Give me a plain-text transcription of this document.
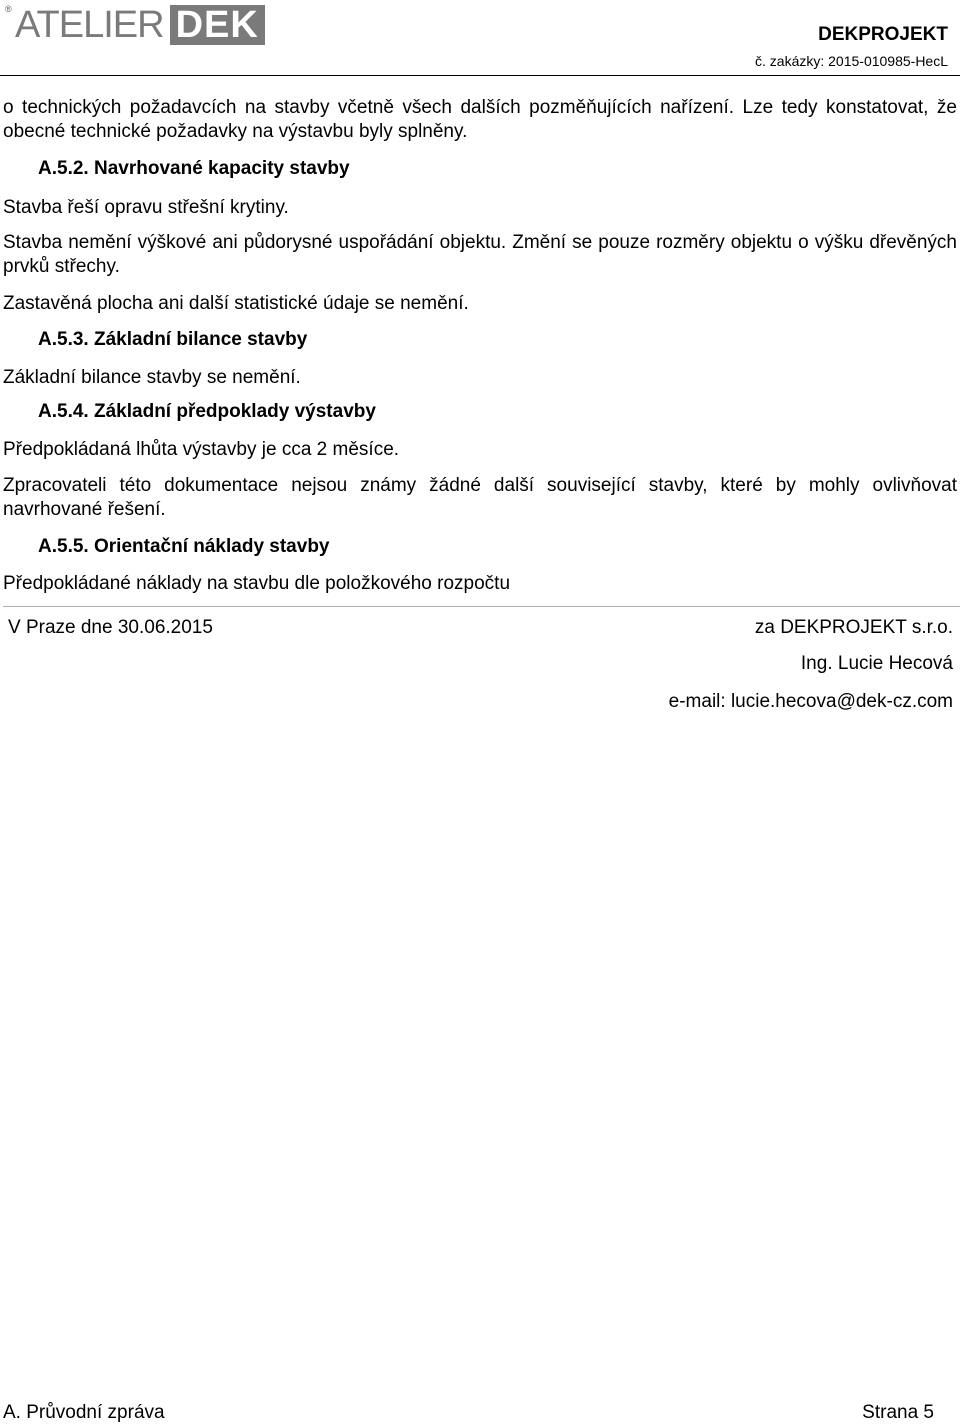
ATELIER DEK
®
DEKPROJEKT
č. zakázky: 2015-010985-HecL
o technických požadavcích na stavby včetně všech dalších pozměňujících nařízení. Lze tedy konstatovat, že obecné technické požadavky na výstavbu byly splněny.
A.5.2. Navrhované kapacity stavby
Stavba řeší opravu střešní krytiny.
Stavba nemění výškové ani půdorysné uspořádání objektu. Změní se pouze rozměry objektu o výšku dřevěných prvků střechy.
Zastavěná plocha ani další statistické údaje se nemění.
A.5.3. Základní bilance stavby
Základní bilance stavby se nemění.
A.5.4. Základní předpoklady výstavby
Předpokládaná lhůta výstavby je cca 2 měsíce.
Zpracovateli této dokumentace nejsou známy žádné další související stavby, které by mohly ovlivňovat navrhované řešení.
A.5.5. Orientační náklady stavby
Předpokládané náklady na stavbu dle položkového rozpočtu
V Praze dne 30.06.2015	za DEKPROJEKT s.r.o.
Ing. Lucie Hecová
e-mail: lucie.hecova@dek-cz.com
A. Průvodní zpráva	Strana 5
